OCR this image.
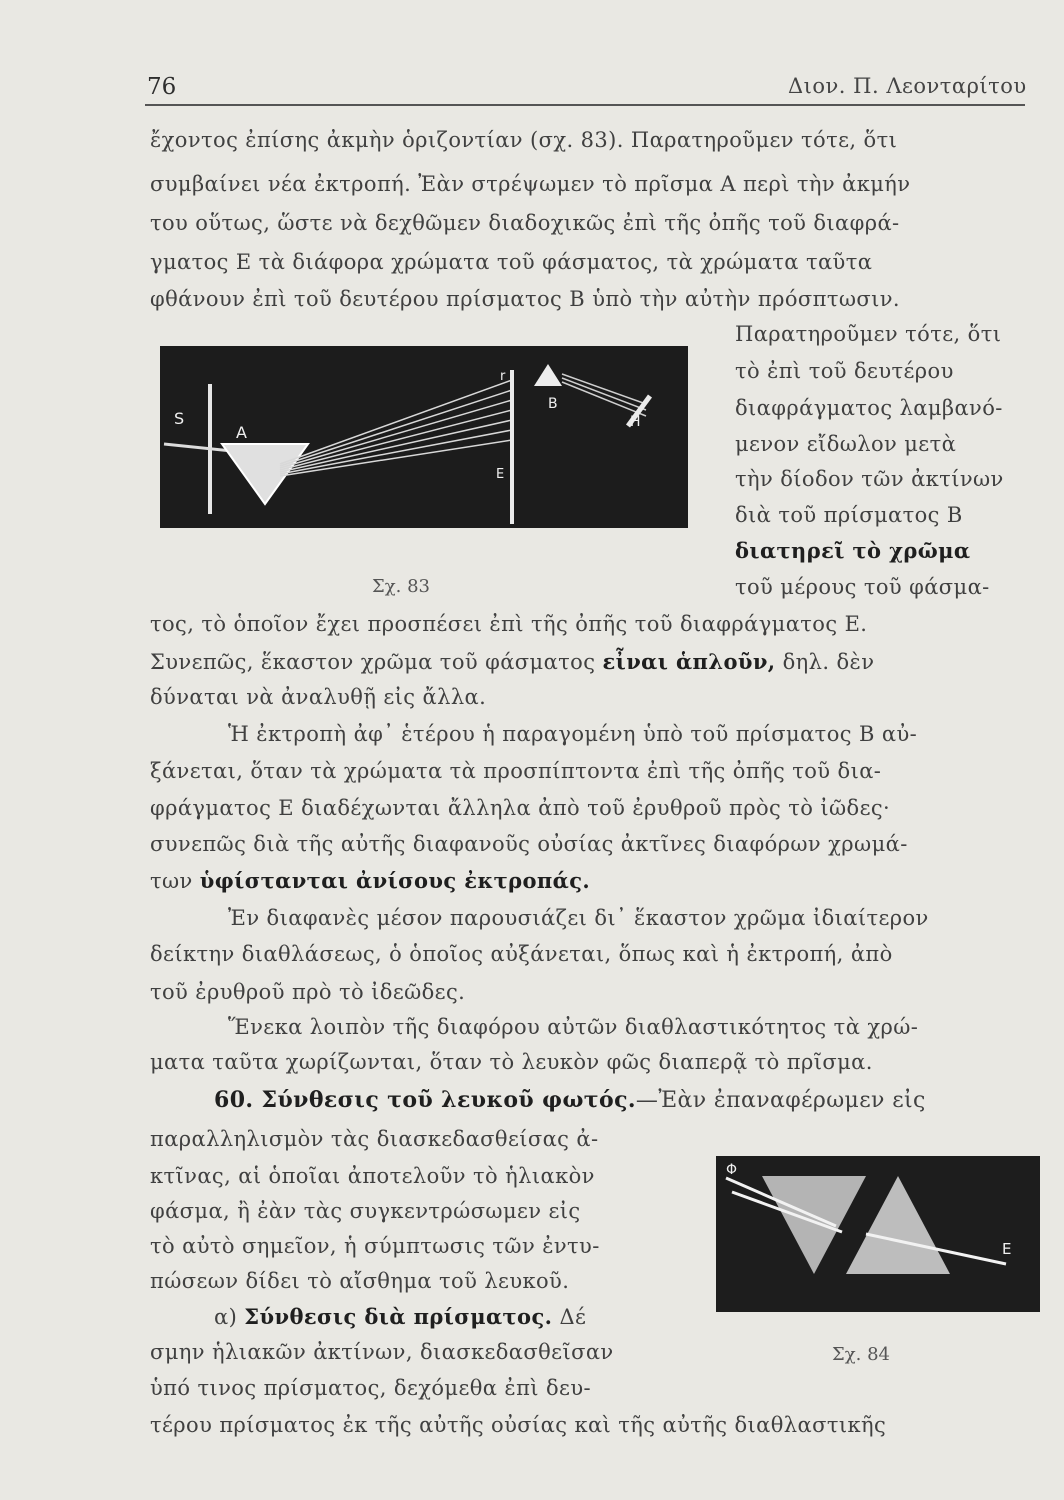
76	Διον. Π. Λεονταρίτου
ἔχοντος ἐπίσης ἀκμὴν ὁριζοντίαν (σχ. 83). Παρατηροῦμεν τότε, ὅτι
συμβαίνει νέα ἐκτροπή. Ἐὰν στρέψωμεν τὸ πρῖσμα Α περὶ τὴν ἀκμήν
του οὕτως, ὥστε νὰ δεχθῶμεν διαδοχικῶς ἐπὶ τῆς ὀπῆς τοῦ διαφρά-
γματος Ε τὰ διάφορα χρώματα τοῦ φάσματος, τὰ χρώματα ταῦτα
φθάνουν ἐπὶ τοῦ δευτέρου πρίσματος Β ὑπὸ τὴν αὐτὴν πρόσπτωσιν.
S
Α
r
Β
Η
Ε
Παρατηροῦμεν τότε, ὅτι
τὸ ἐπὶ τοῦ δευτέρου
διαφράγματος λαμβανό-
μενον εἴδωλον μετὰ
τὴν δίοδον τῶν ἀκτίνων
διὰ τοῦ πρίσματος Β
διατηρεῖ τὸ χρῶμα
Σχ. 83	τοῦ μέρους τοῦ φάσμα-
τος, τὸ ὁποῖον ἔχει προσπέσει ἐπὶ τῆς ὀπῆς τοῦ διαφράγματος Ε.
Συνεπῶς, ἕκαστον χρῶμα τοῦ φάσματος εἶναι ἁπλοῦν, δηλ. δὲν
δύναται νὰ ἀναλυθῇ εἰς ἄλλα.
Ἡ ἐκτροπὴ ἀφ᾿ ἑτέρου ἡ παραγομένη ὑπὸ τοῦ πρίσματος Β αὐ-
ξάνεται, ὅταν τὰ χρώματα τὰ προσπίπτοντα ἐπὶ τῆς ὀπῆς τοῦ δια-
φράγματος Ε διαδέχωνται ἄλληλα ἀπὸ τοῦ ἐρυθροῦ πρὸς τὸ ἰῶδες·
συνεπῶς διὰ τῆς αὐτῆς διαφανοῦς οὐσίας ἀκτῖνες διαφόρων χρωμά-
των ὑφίστανται ἀνίσους ἐκτροπάς.
Ἐν διαφανὲς μέσον παρουσιάζει δι᾿ ἕκαστον χρῶμα ἰδιαίτερον
δείκτην διαθλάσεως, ὁ ὁποῖος αὐξάνεται, ὅπως καὶ ἡ ἐκτροπή, ἀπὸ
τοῦ ἐρυθροῦ πρὸ τὸ ἰδεῶδες.
Ἕνεκα λοιπὸν τῆς διαφόρου αὐτῶν διαθλαστικότητος τὰ χρώ-
ματα ταῦτα χωρίζωνται, ὅταν τὸ λευκὸν φῶς διαπερᾷ τὸ πρῖσμα.
60. Σύνθεσις τοῦ λευκοῦ φωτός.—Ἐὰν ἐπαναφέρωμεν εἰς
παραλληλισμὸν τὰς διασκεδασθείσας ἀ-
κτῖνας, αἱ ὁποῖαι ἀποτελοῦν τὸ ἡλιακὸν
φάσμα, ἢ ἐὰν τὰς συγκεντρώσωμεν εἰς
τὸ αὐτὸ σημεῖον, ἡ σύμπτωσις τῶν ἐντυ-
πώσεων δίδει τὸ αἴσθημα τοῦ λευκοῦ.
α) Σύνθεσις διὰ πρίσματος. Δέ
σμην ἡλιακῶν ἀκτίνων, διασκεδασθεῖσαν
ὑπό τινος πρίσματος, δεχόμεθα ἐπὶ δευ-
τέρου πρίσματος ἐκ τῆς αὐτῆς οὐσίας καὶ τῆς αὐτῆς διαθλαστικῆς
Φ
Ε
Σχ. 84
